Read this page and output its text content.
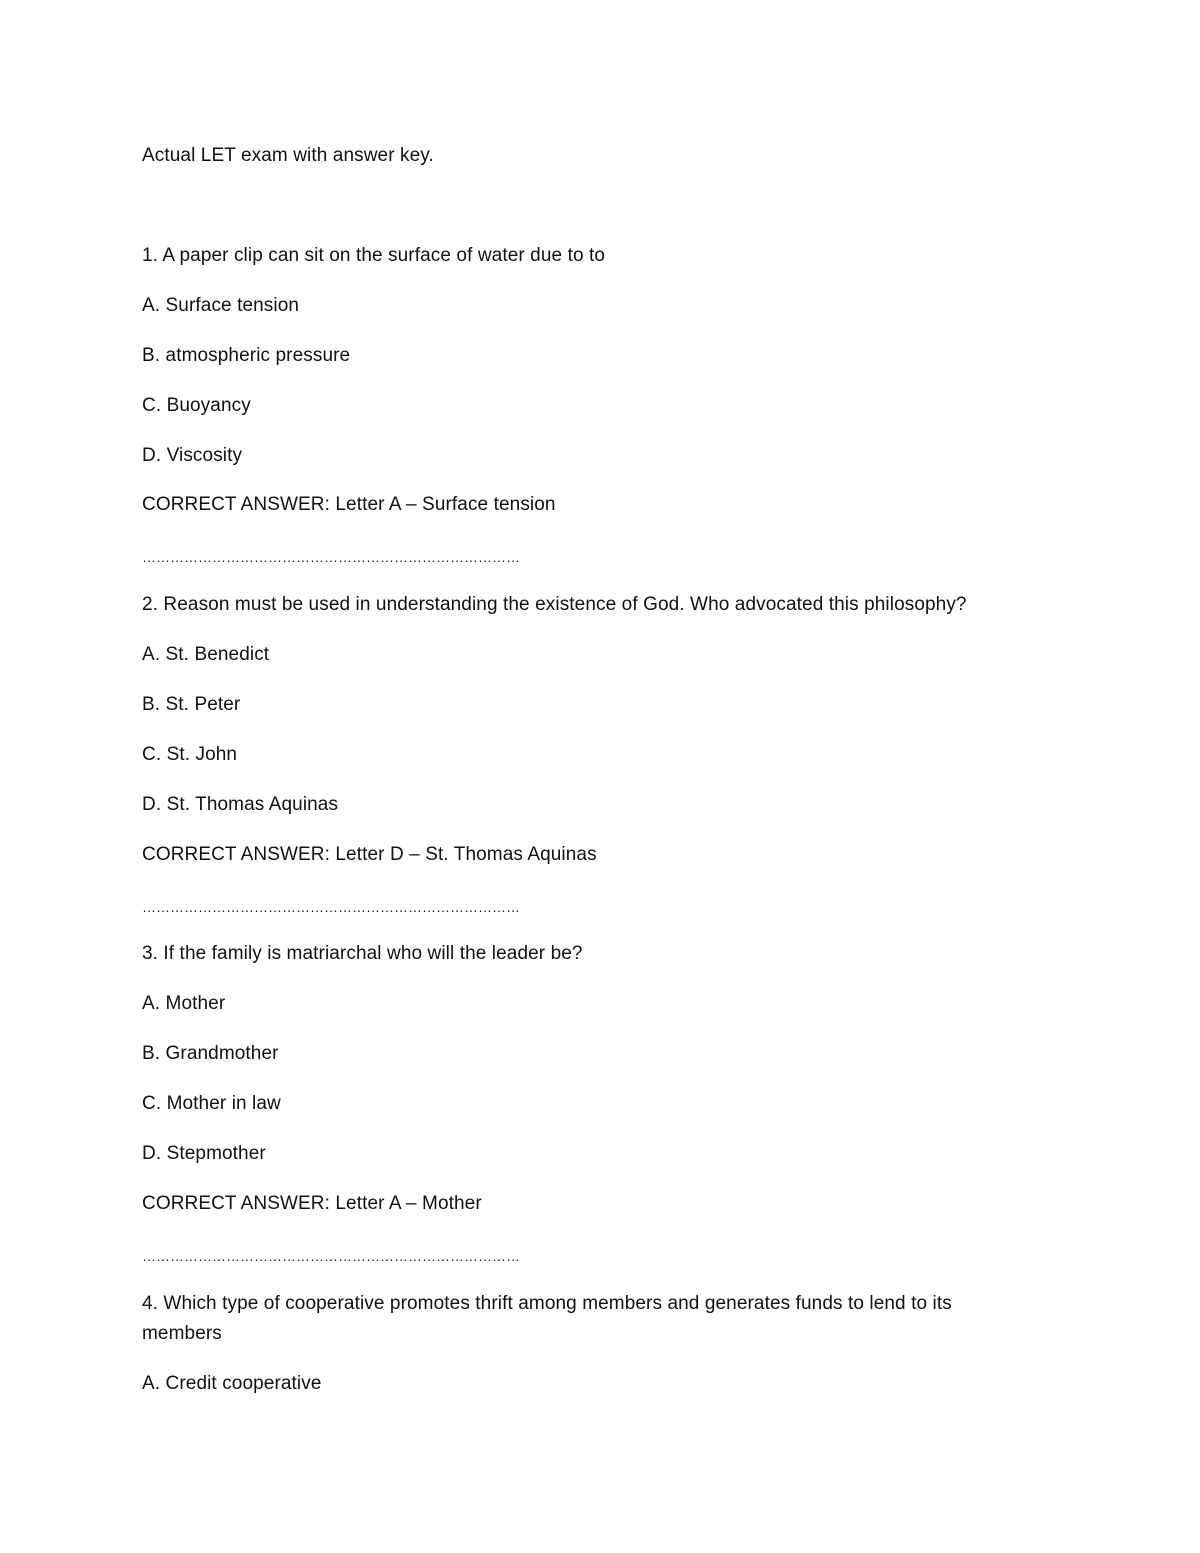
Actual LET exam with answer key.
1. A paper clip can sit on the surface of water due to to
A. Surface tension
B. atmospheric pressure
C. Buoyancy
D. Viscosity
CORRECT ANSWER: Letter A – Surface tension
………………………………………………………………………
2. Reason must be used in understanding the existence of God. Who advocated this philosophy?
A. St. Benedict
B. St. Peter
C. St. John
D. St. Thomas Aquinas
CORRECT ANSWER: Letter D – St. Thomas Aquinas
………………………………………………………………………
3. If the family is matriarchal who will the leader be?
A. Mother
B. Grandmother
C. Mother in law
D. Stepmother
CORRECT ANSWER: Letter A – Mother
………………………………………………………………………
4. Which type of cooperative promotes thrift among members and generates funds to lend to its members
A. Credit cooperative
